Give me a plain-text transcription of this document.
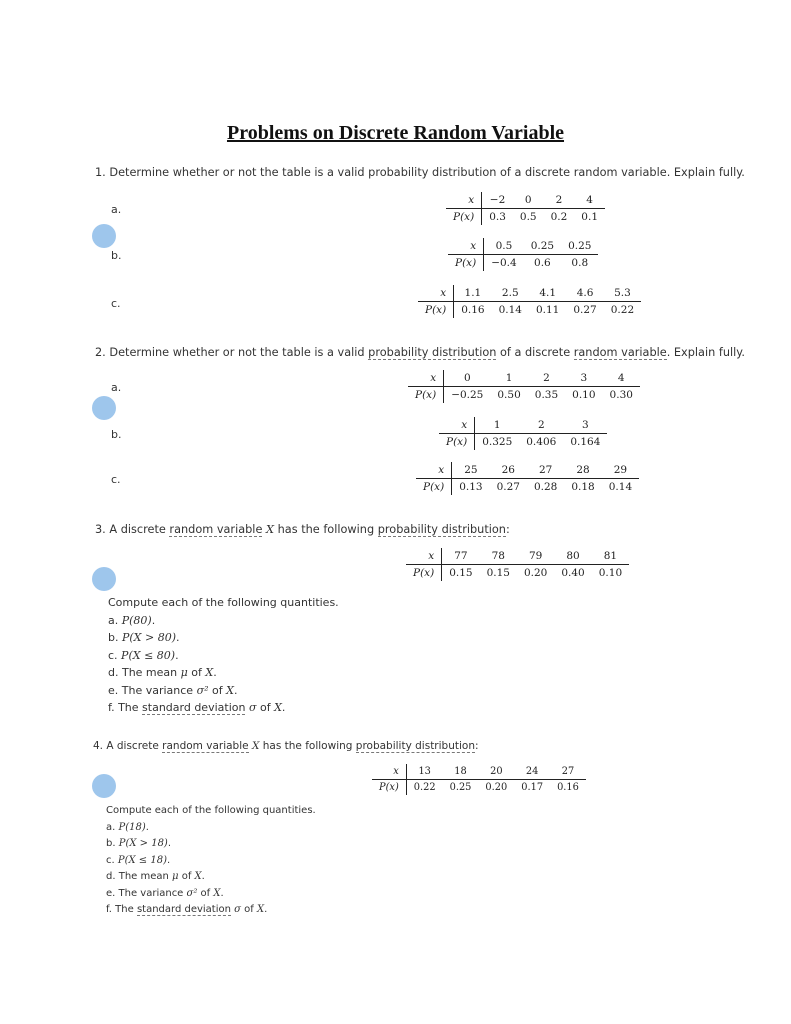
Problems on Discrete Random Variable
1. Determine whether or not the table is a valid probability distribution of a discrete random variable. Explain fully.
a.
x	−2	0	2	4
P(x)	0.3	0.5	0.2	0.1
b.
x	0.5	0.25	0.25
P(x)	−0.4	0.6	0.8
c.
x	1.1	2.5	4.1	4.6	5.3
P(x)	0.16	0.14	0.11	0.27	0.22
2. Determine whether or not the table is a valid probability distribution of a discrete random variable. Explain fully.
a.
x	0	1	2	3	4
P(x)	−0.25	0.50	0.35	0.10	0.30
b.
x	1	2	3
P(x)	0.325	0.406	0.164
c.
x	25	26	27	28	29
P(x)	0.13	0.27	0.28	0.18	0.14
3. A discrete random variable X has the following probability distribution:
x	77	78	79	80	81
P(x)	0.15	0.15	0.20	0.40	0.10
Compute each of the following quantities.
a. P(80).
b. P(X > 80).
c. P(X ≤ 80).
d. The mean μ of X.
e. The variance σ² of X.
f. The standard deviation σ of X.
4. A discrete random variable X has the following probability distribution:
x	13	18	20	24	27
P(x)	0.22	0.25	0.20	0.17	0.16
Compute each of the following quantities.
a. P(18).
b. P(X > 18).
c. P(X ≤ 18).
d. The mean μ of X.
e. The variance σ² of X.
f. The standard deviation σ of X.
